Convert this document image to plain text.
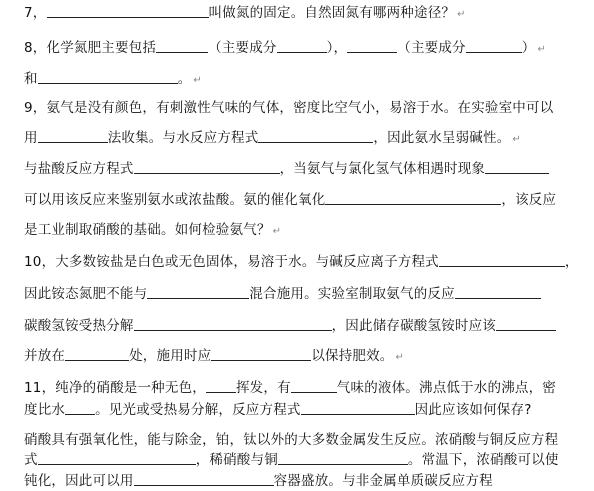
7，	叫做氮的固定。自然固氮有哪两种途径？ ↵
8，化学氮肥主要包括	（主要成分	），	（主要成分	） ↵
和	。 ↵
9，氨气是没有颜色，有刺激性气味的气体，密度比空气小，易溶于水。在实验室中可以
用	法收集。与水反应方程式	，因此氨水呈弱碱性。 ↵
与盐酸反应方程式	，当氨气与氯化氢气体相遇时现象
可以用该反应来鉴别氨水或浓盐酸。氨的催化氧化	，该反应
是工业制取硝酸的基础。如何检验氨气？ ↵
10，大多数铵盐是白色或无色固体，易溶于水。与碱反应离子方程式	，
因此铵态氮肥不能与	混合施用。实验室制取氨气的反应
碳酸氢铵受热分解	，因此储存碳酸氢铵时应该
并放在	处，施用时应	以保持肥效。 ↵
11，纯净的硝酸是一种无色， 挥发，有	气味的液体。沸点低于水的沸点，密
度比水 。见光或受热易分解，反应方程式	因此应该如何保存?
硝酸具有强氧化性，能与除金，铂，钛以外的大多数金属发生反应。浓硝酸与铜反应方程
式	，稀硝酸与铜	。常温下，浓硝酸可以使
钝化，因此可以用	容器盛放。与非金属单质碳反应方程
